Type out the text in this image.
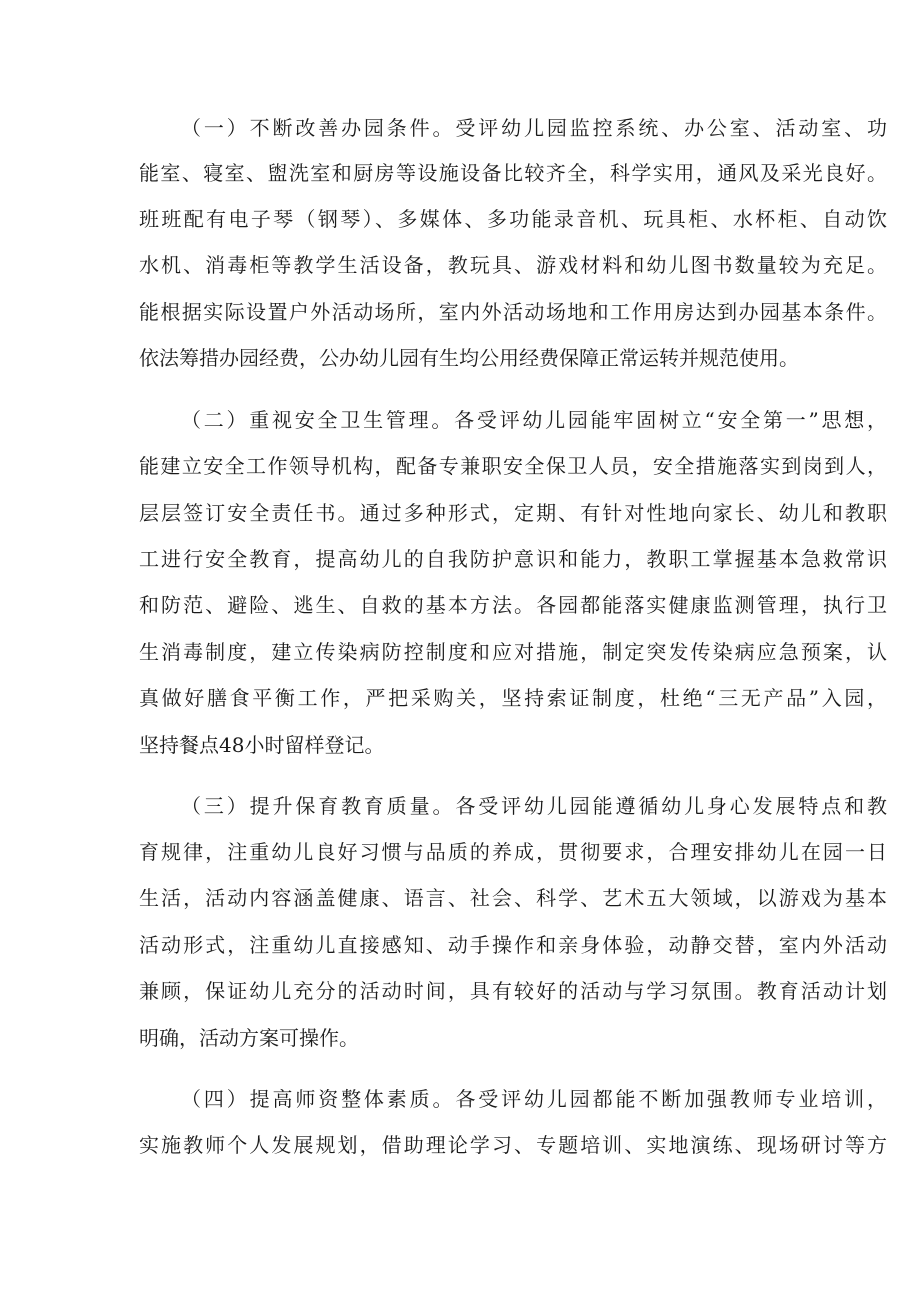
（一）不断改善办园条件。受评幼儿园监控系统、办公室、活动室、功
能室、寝室、盥洗室和厨房等设施设备比较齐全，科学实用，通风及采光良好。
班班配有电子琴（钢琴）、多媒体、多功能录音机、玩具柜、水杯柜、自动饮
水机、消毒柜等教学生活设备，教玩具、游戏材料和幼儿图书数量较为充足。
能根据实际设置户外活动场所，室内外活动场地和工作用房达到办园基本条件。
依法筹措办园经费，公办幼儿园有生均公用经费保障正常运转并规范使用。
（二）重视安全卫生管理。各受评幼儿园能牢固树立“安全第一”思想，
能建立安全工作领导机构，配备专兼职安全保卫人员，安全措施落实到岗到人，
层层签订安全责任书。通过多种形式，定期、有针对性地向家长、幼儿和教职
工进行安全教育，提高幼儿的自我防护意识和能力，教职工掌握基本急救常识
和防范、避险、逃生、自救的基本方法。各园都能落实健康监测管理，执行卫
生消毒制度，建立传染病防控制度和应对措施，制定突发传染病应急预案，认
真做好膳食平衡工作，严把采购关，坚持索证制度，杜绝“三无产品”入园，
坚持餐点48小时留样登记。
（三）提升保育教育质量。各受评幼儿园能遵循幼儿身心发展特点和教
育规律，注重幼儿良好习惯与品质的养成，贯彻要求，合理安排幼儿在园一日
生活，活动内容涵盖健康、语言、社会、科学、艺术五大领域，以游戏为基本
活动形式，注重幼儿直接感知、动手操作和亲身体验，动静交替，室内外活动
兼顾，保证幼儿充分的活动时间，具有较好的活动与学习氛围。教育活动计划
明确，活动方案可操作。
（四）提高师资整体素质。各受评幼儿园都能不断加强教师专业培训，
实施教师个人发展规划，借助理论学习、专题培训、实地演练、现场研讨等方
